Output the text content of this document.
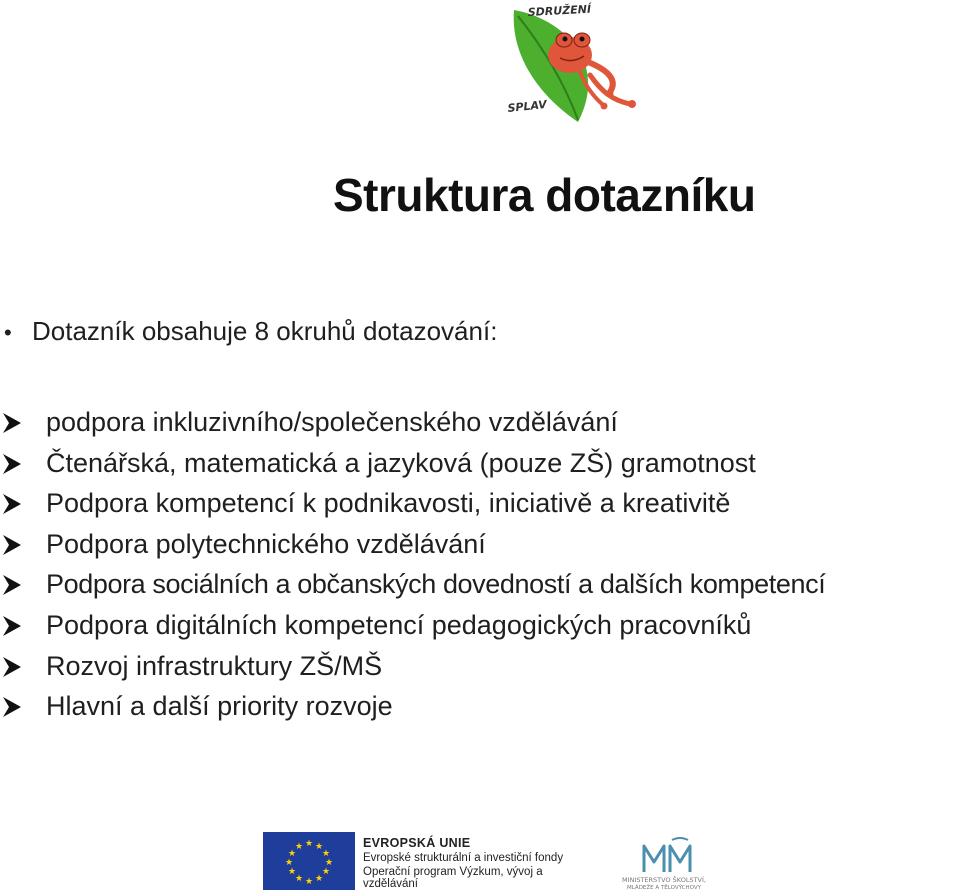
SDRUŽENÍ
SPLAV
Struktura dotazníku
• Dotazník obsahuje 8 okruhů dotazování:
podpora inkluzivního/společenského vzdělávání
Čtenářská, matematická a jazyková (pouze ZŠ) gramotnost
Podpora kompetencí k podnikavosti, iniciativě a kreativitě
Podpora polytechnického vzdělávání
Podpora sociálních a občanských dovedností a dalších kompetencí
Podpora digitálních kompetencí pedagogických pracovníků
Rozvoj infrastruktury ZŠ/MŠ
Hlavní a další priority rozvoje
★ ★
★
★
★
★
★
★
★
★
★
★	EVROPSKÁ UNIE
Evropské strukturální a investiční fondy
Operační program Výzkum, vývoj a vzdělávání	MINISTERSTVO ŠKOLSTVÍ,
MLÁDEŽE A TĚLOVÝCHOVY
